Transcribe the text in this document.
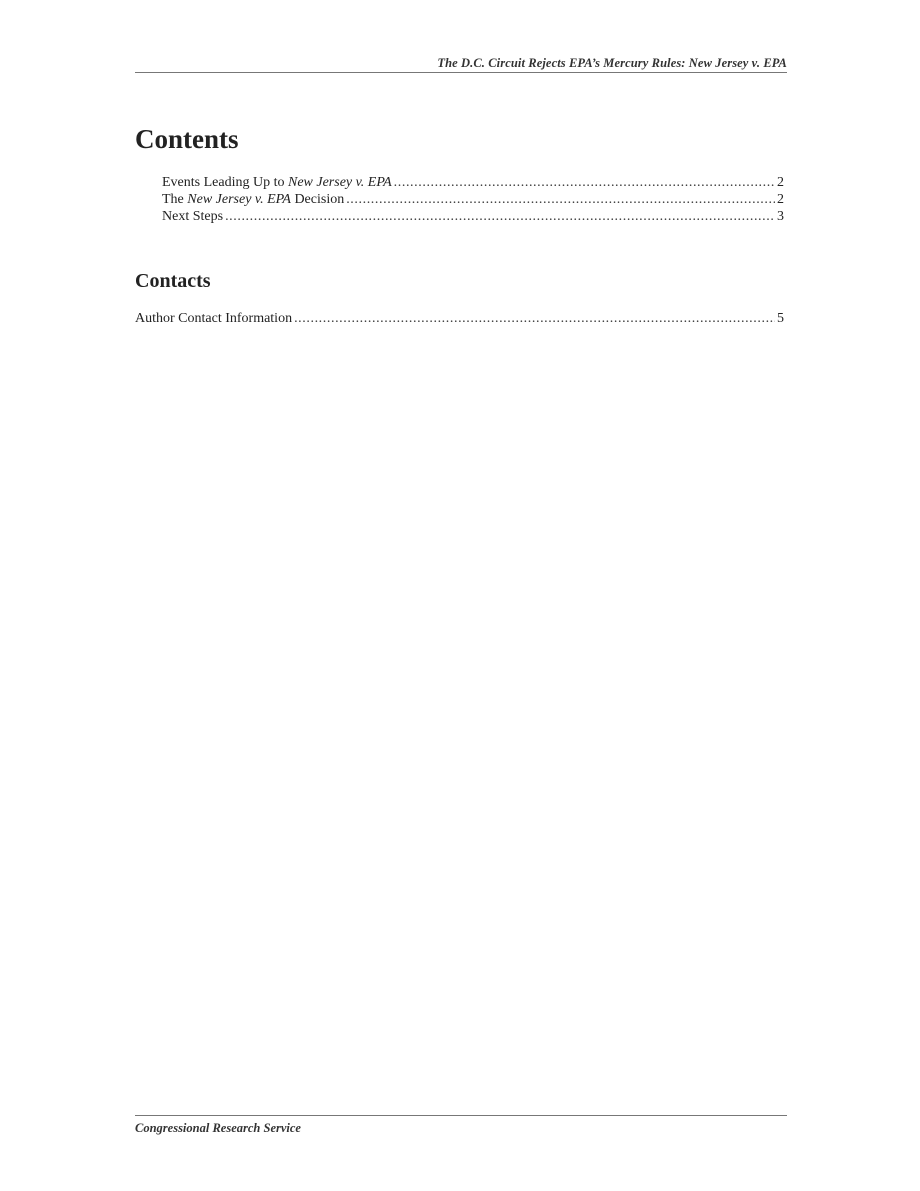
The D.C. Circuit Rejects EPA’s Mercury Rules: New Jersey v. EPA
Contents
Events Leading Up to New Jersey v. EPA .....	2
The New Jersey v. EPA Decision .....	2
Next Steps .....	3
Contacts
Author Contact Information .....	5
Congressional Research Service
